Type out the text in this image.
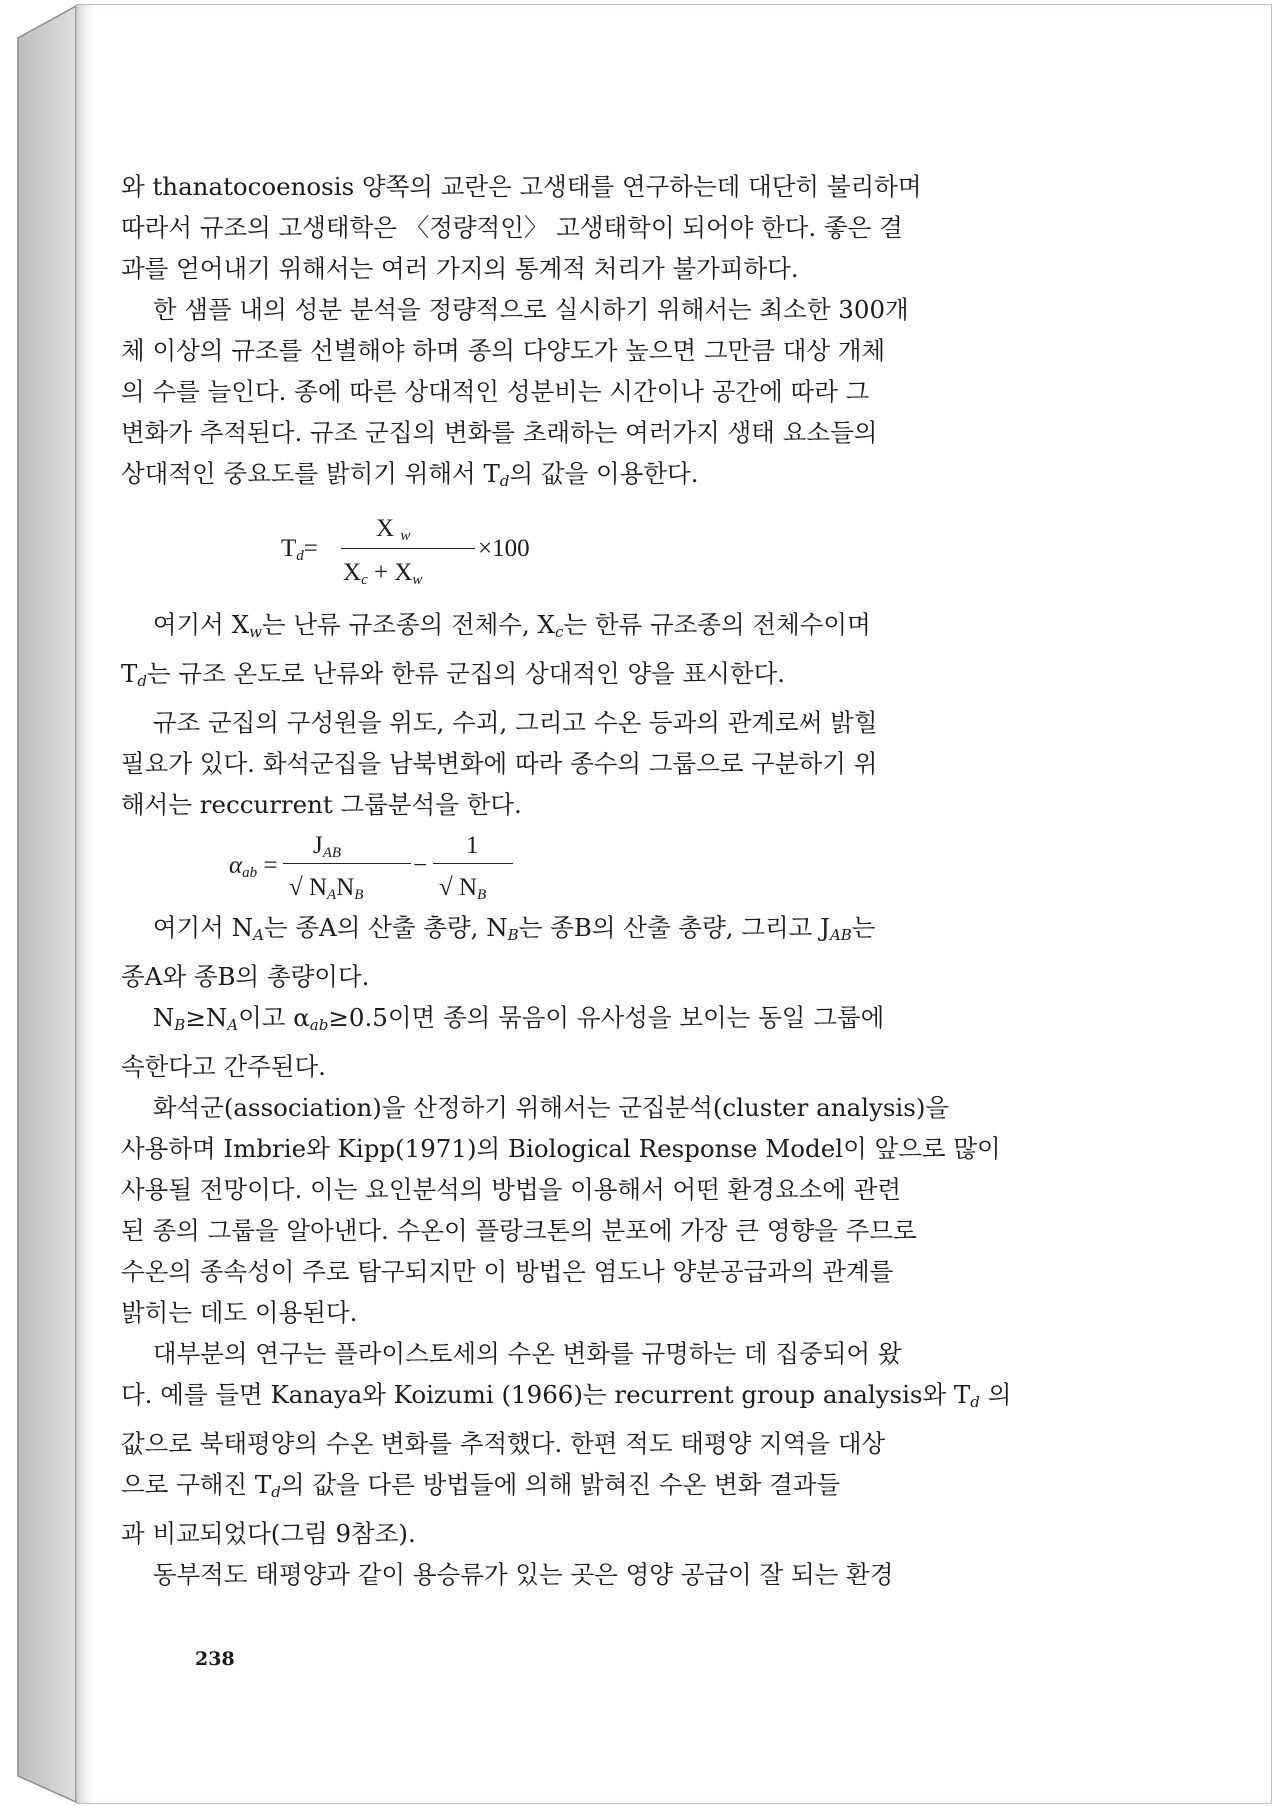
와 thanatocoenosis 양쪽의 교란은 고생태를 연구하는데 대단히 불리하며
따라서 규조의 고생태학은 〈정량적인〉 고생태학이 되어야 한다. 좋은 결
과를 얻어내기 위해서는 여러 가지의 통계적 처리가 불가피하다.
한 샘플 내의 성분 분석을 정량적으로 실시하기 위해서는 최소한 300개
체 이상의 규조를 선별해야 하며 종의 다양도가 높으면 그만큼 대상 개체
의 수를 늘인다. 종에 따른 상대적인 성분비는 시간이나 공간에 따라 그
변화가 추적된다. 규조 군집의 변화를 초래하는 여러가지 생태 요소들의
상대적인 중요도를 밝히기 위해서 $T_d$의 값을 이용한다.
$T_d=$
X $_w$
$X_c + X_w$
×100
여기서 $X_w$는 난류 규조종의 전체수, $X_c$는 한류 규조종의 전체수이며
$T_d$는 규조 온도로 난류와 한류 군집의 상대적인 양을 표시한다.
규조 군집의 구성원을 위도, 수괴, 그리고 수온 등과의 관계로써 밝힐
필요가 있다. 화석군집을 남북변화에 따라 종수의 그룹으로 구분하기 위
해서는 reccurrent 그룹분석을 한다.
$\alpha_{ab}$ =
$J_{AB}$
√ $N_AN_B$
−
1
√ $N_B$
여기서 $N_A$는 종A의 산출 총량, $N_B$는 종B의 산출 총량, 그리고 $J_{AB}$는
종A와 종B의 총량이다.
$N_B\ge N_A$이고 $\alpha_{ab}\ge 0.5$이면 종의 묶음이 유사성을 보이는 동일 그룹에
속한다고 간주된다.
화석군(association)을 산정하기 위해서는 군집분석(cluster analysis)을
사용하며 Imbrie와 Kipp(1971)의 Biological Response Model이 앞으로 많이
사용될 전망이다. 이는 요인분석의 방법을 이용해서 어떤 환경요소에 관련
된 종의 그룹을 알아낸다. 수온이 플랑크톤의 분포에 가장 큰 영향을 주므로
수온의 종속성이 주로 탐구되지만 이 방법은 염도나 양분공급과의 관계를
밝히는 데도 이용된다.
대부분의 연구는 플라이스토세의 수온 변화를 규명하는 데 집중되어 왔
다. 예를 들면 Kanaya와 Koizumi (1966)는 recurrent group analysis와 $T_d$ 의
값으로 북태평양의 수온 변화를 추적했다. 한편 적도 태평양 지역을 대상
으로 구해진 $T_d$의 값을 다른 방법들에 의해 밝혀진 수온 변화 결과들
과 비교되었다(그림 9참조).
동부적도 태평양과 같이 용승류가 있는 곳은 영양 공급이 잘 되는 환경
238
